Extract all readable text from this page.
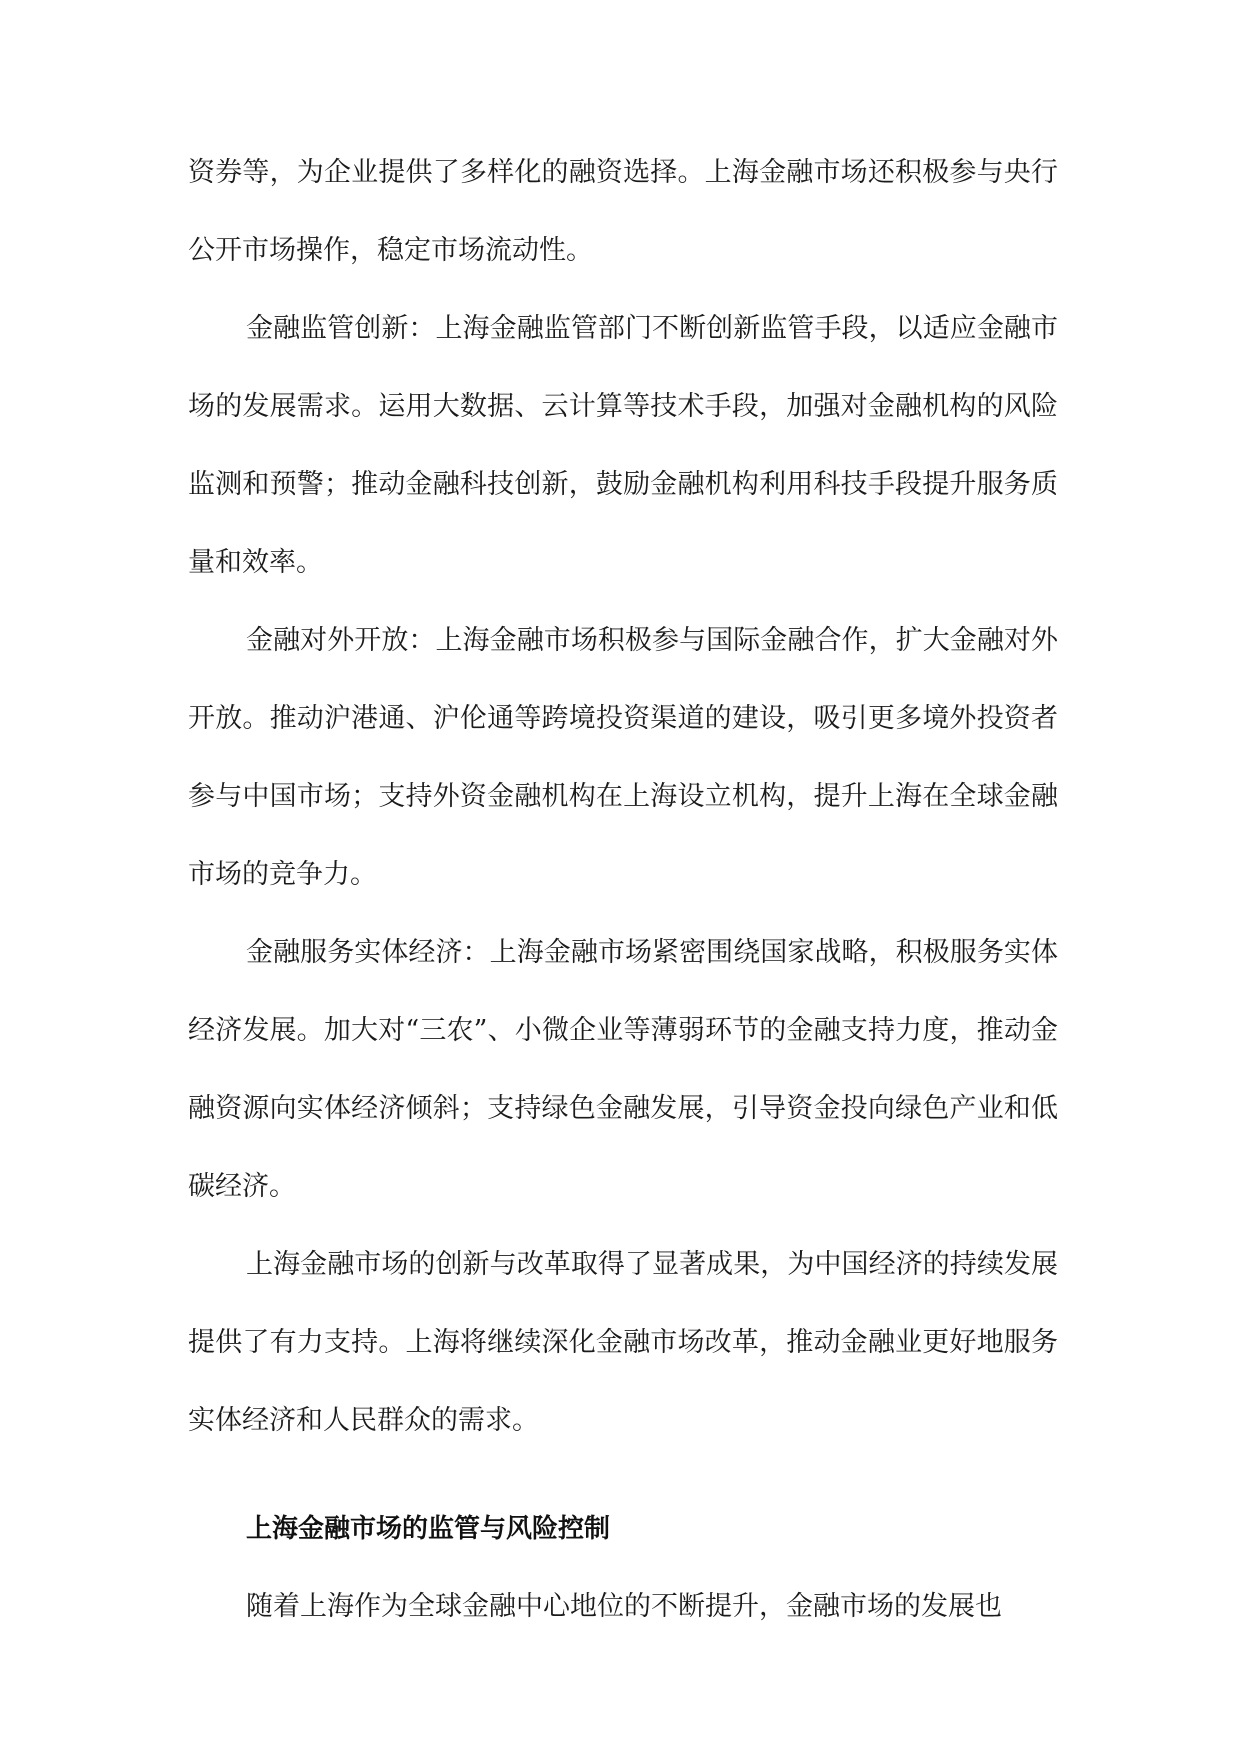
资券等，为企业提供了多样化的融资选择。上海金融市场还积极参与央行公开市场操作，稳定市场流动性。

金融监管创新：上海金融监管部门不断创新监管手段，以适应金融市场的发展需求。运用大数据、云计算等技术手段，加强对金融机构的风险监测和预警；推动金融科技创新，鼓励金融机构利用科技手段提升服务质量和效率。

金融对外开放：上海金融市场积极参与国际金融合作，扩大金融对外开放。推动沪港通、沪伦通等跨境投资渠道的建设，吸引更多境外投资者参与中国市场；支持外资金融机构在上海设立机构，提升上海在全球金融市场的竞争力。

金融服务实体经济：上海金融市场紧密围绕国家战略，积极服务实体经济发展。加大对“三农”、小微企业等薄弱环节的金融支持力度，推动金融资源向实体经济倾斜；支持绿色金融发展，引导资金投向绿色产业和低碳经济。

上海金融市场的创新与改革取得了显著成果，为中国经济的持续发展提供了有力支持。上海将继续深化金融市场改革，推动金融业更好地服务实体经济和人民群众的需求。

上海金融市场的监管与风险控制

随着上海作为全球金融中心地位的不断提升，金融市场的发展也
